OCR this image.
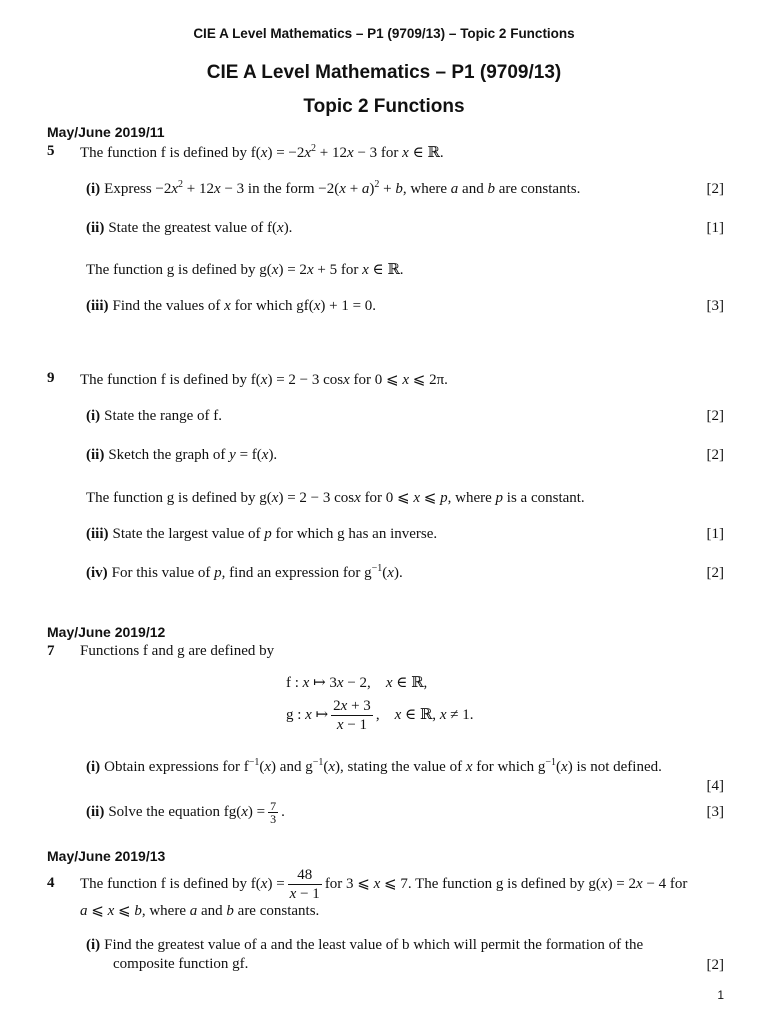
CIE A Level Mathematics – P1 (9709/13) – Topic 2 Functions
CIE A Level Mathematics – P1 (9709/13)
Topic 2 Functions
May/June 2019/11
5 The function f is defined by $f(x) = -2x^2 + 12x - 3$ for x ∈ ℝ.
(i) Express $-2x^2 + 12x - 3$ in the form $-2(x + a)^2 + b$, where a and b are constants.	[2]
(ii) State the greatest value of f(x).	[1]
The function g is defined by g(x) = 2x + 5 for x ∈ ℝ.
(iii) Find the values of x for which gf(x) + 1 = 0.	[3]
9 The function f is defined by f(x) = 2 − 3 cosx for 0 ⩽ x ⩽ 2π.
(i) State the range of f.	[2]
(ii) Sketch the graph of y = f(x).	[2]
The function g is defined by g(x) = 2 − 3 cosx for 0 ⩽ x ⩽ p, where p is a constant.
(iii) State the largest value of p for which g has an inverse.	[1]
(iv) For this value of p, find an expression for $g^{-1}(x)$.	[2]
May/June 2019/12
7 Functions f and g are defined by
f : x ↦ 3x − 2,    x ∈ ℝ,
g : x ↦ $\frac{2x + 3}{x - 1}$ ,    x ∈ ℝ, x ≠ 1.
(i) Obtain expressions for $f^{-1}(x)$ and $g^{-1}(x)$, stating the value of x for which $g^{-1}(x)$ is not defined.
[4]
(ii) Solve the equation $fg(x) = \frac{7}{3}$ .	[3]
May/June 2019/13
4 The function f is defined by $f(x) = \frac{48}{x - 1}$ for 3 ⩽ x ⩽ 7. The function g is defined by g(x) = 2x − 4 for
a ⩽ x ⩽ b, where a and b are constants.
(i) Find the greatest value of a and the least value of b which will permit the formation of the
composite function gf.	[2]
1
